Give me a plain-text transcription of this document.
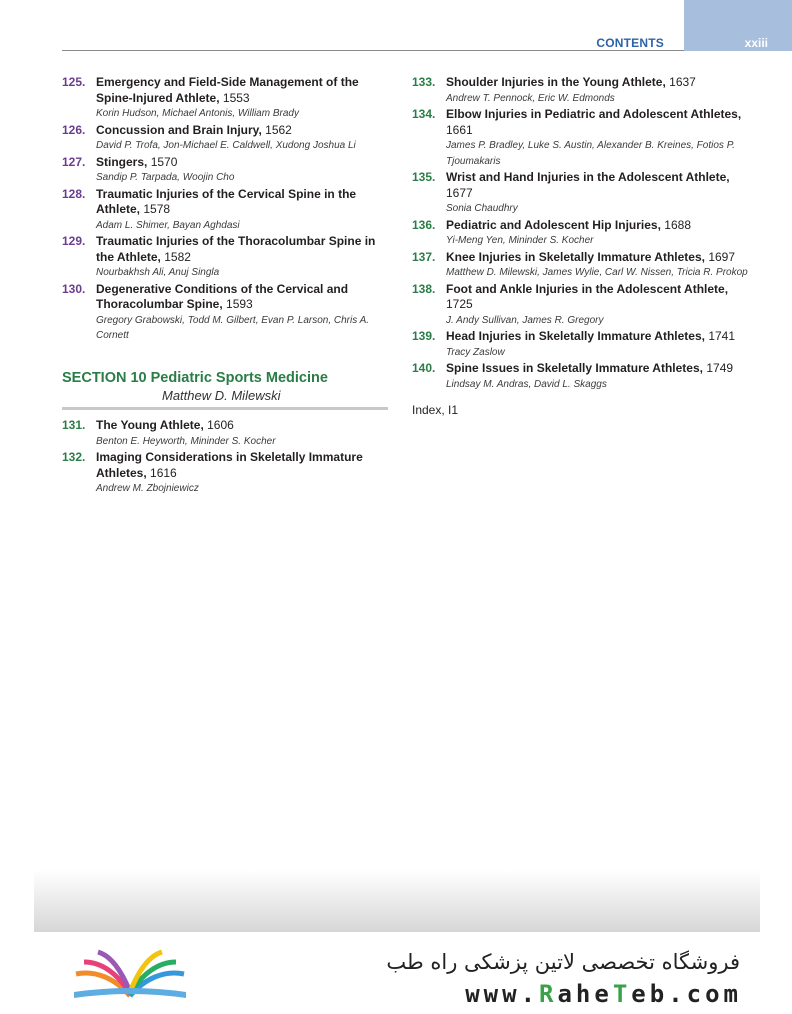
CONTENTS	xxiii
125. Emergency and Field-Side Management of the Spine-Injured Athlete, 1553
Korin Hudson, Michael Antonis, William Brady
126. Concussion and Brain Injury, 1562
David P. Trofa, Jon-Michael E. Caldwell, Xudong Joshua Li
127. Stingers, 1570
Sandip P. Tarpada, Woojin Cho
128. Traumatic Injuries of the Cervical Spine in the Athlete, 1578
Adam L. Shimer, Bayan Aghdasi
129. Traumatic Injuries of the Thoracolumbar Spine in the Athlete, 1582
Nourbakhsh Ali, Anuj Singla
130. Degenerative Conditions of the Cervical and Thoracolumbar Spine, 1593
Gregory Grabowski, Todd M. Gilbert, Evan P. Larson, Chris A. Cornett
SECTION 10 Pediatric Sports Medicine
Matthew D. Milewski
131. The Young Athlete, 1606
Benton E. Heyworth, Mininder S. Kocher
132. Imaging Considerations in Skeletally Immature Athletes, 1616
Andrew M. Zbojniewicz
133. Shoulder Injuries in the Young Athlete, 1637
Andrew T. Pennock, Eric W. Edmonds
134. Elbow Injuries in Pediatric and Adolescent Athletes, 1661
James P. Bradley, Luke S. Austin, Alexander B. Kreines, Fotios P. Tjoumakaris
135. Wrist and Hand Injuries in the Adolescent Athlete, 1677
Sonia Chaudhry
136. Pediatric and Adolescent Hip Injuries, 1688
Yi-Meng Yen, Mininder S. Kocher
137. Knee Injuries in Skeletally Immature Athletes, 1697
Matthew D. Milewski, James Wylie, Carl W. Nissen, Tricia R. Prokop
138. Foot and Ankle Injuries in the Adolescent Athlete, 1725
J. Andy Sullivan, James R. Gregory
139. Head Injuries in Skeletally Immature Athletes, 1741
Tracy Zaslow
140. Spine Issues in Skeletally Immature Athletes, 1749
Lindsay M. Andras, David L. Skaggs
Index, I1
فروشگاه تخصصی لاتین پزشکی راه طب
www.RaheTeb.com
